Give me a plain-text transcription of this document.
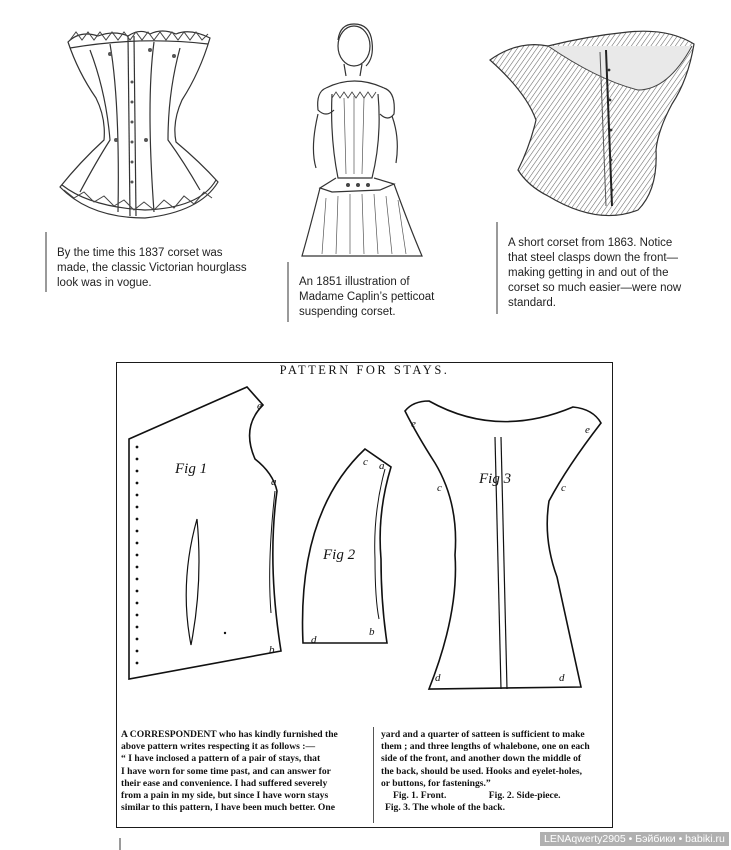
By the time this 1837 corset was
made, the classic Victorian hourglass
look was in vogue.	An 1851 illustration of
Madame Caplin’s petticoat
suspending corset.
A short corset from 1863. Notice
that steel clasps down the front—
making getting in and out of the
corset so much easier—were now
standard.
PATTERN FOR STAYS.
Fig 1
Fig 2
Fig 3
e
a
b
c a
d
b
e	e
c	c
d	d
A CORRESPONDENT who has kindly furnished the
above pattern writes respecting it as follows :—
“ I have inclosed a pattern of a pair of stays, that
I have worn for some time past, and can answer for
their ease and convenience. I had suffered severely
from a pain in my side, but since I have worn stays
similar to this pattern, I have been much better. One
yard and a quarter of satteen is sufficient to make
them ; and three lengths of whalebone, one on each
side of the front, and another down the middle of
the back, should be used. Hooks and eyelet-holes,
or buttons, for fastenings.”
Fig. 1. Front.	Fig. 2. Side-piece.
Fig. 3. The whole of the back.
LENAqwerty2905 • Бэйбики • babiki.ru
